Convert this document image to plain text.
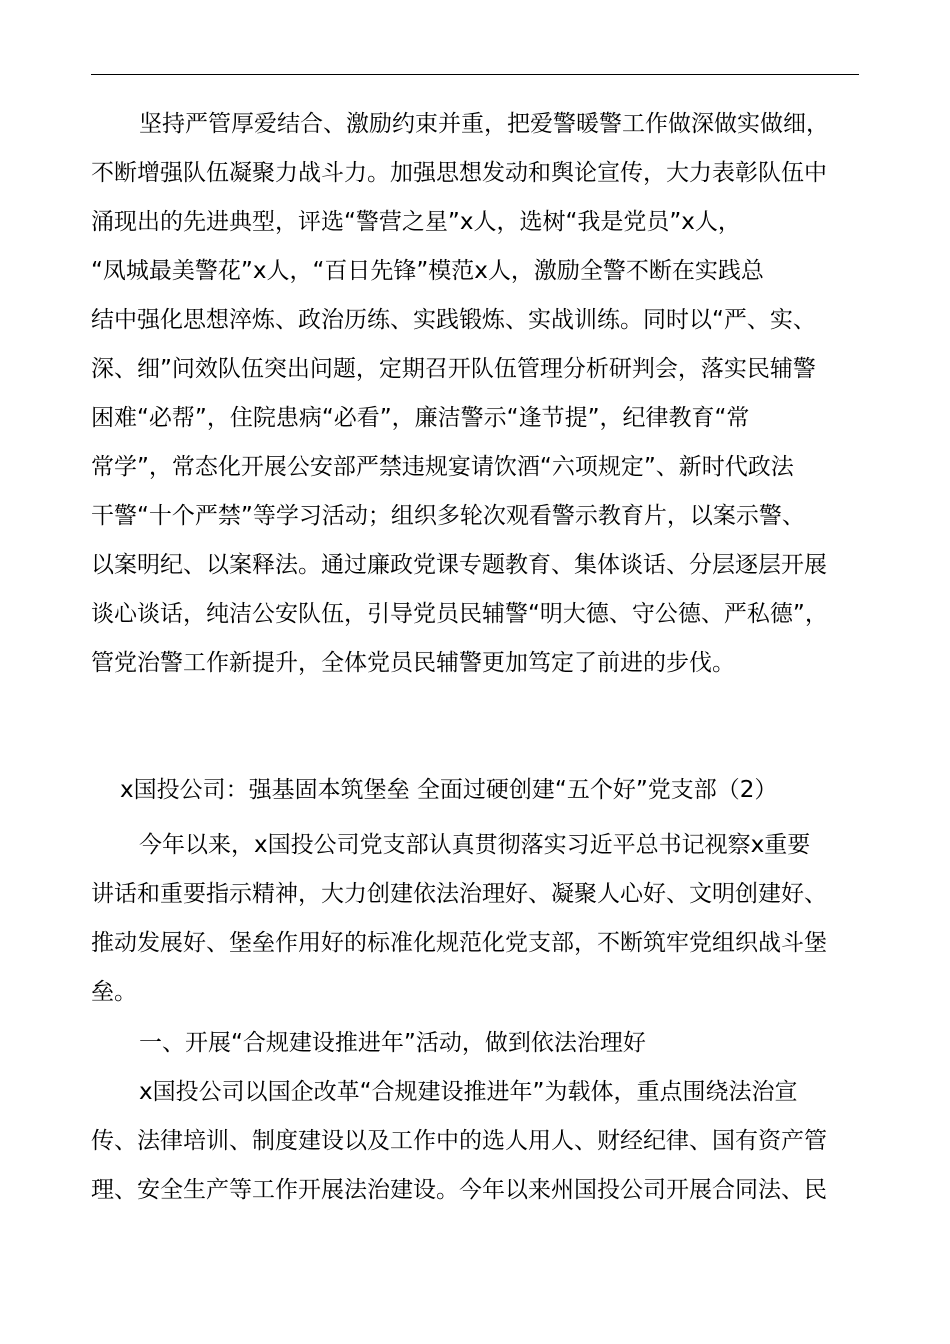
坚持严管厚爱结合、激励约束并重，把爱警暖警工作做深做实做细，
不断增强队伍凝聚力战斗力。加强思想发动和舆论宣传，大力表彰队伍中
涌现出的先进典型，评选“警营之星”x人，选树“我是党员”x人，
“凤城最美警花”x人，“百日先锋”模范x人，激励全警不断在实践总
结中强化思想淬炼、政治历练、实践锻炼、实战训练。同时以“严、实、
深、细”问效队伍突出问题，定期召开队伍管理分析研判会，落实民辅警
困难“必帮”，住院患病“必看”，廉洁警示“逢节提”，纪律教育“常
常学”，常态化开展公安部严禁违规宴请饮酒“六项规定”、新时代政法
干警“十个严禁”等学习活动；组织多轮次观看警示教育片，以案示警、
以案明纪、以案释法。通过廉政党课专题教育、集体谈话、分层逐层开展
谈心谈话，纯洁公安队伍，引导党员民辅警“明大德、守公德、严私德”，
管党治警工作新提升，全体党员民辅警更加笃定了前进的步伐。
x国投公司：强基固本筑堡垒 全面过硬创建“五个好”党支部（2）
今年以来，x国投公司党支部认真贯彻落实习近平总书记视察x重要
讲话和重要指示精神，大力创建依法治理好、凝聚人心好、文明创建好、
推动发展好、堡垒作用好的标准化规范化党支部，不断筑牢党组织战斗堡
垒。
一、开展“合规建设推进年”活动，做到依法治理好
x国投公司以国企改革“合规建设推进年”为载体，重点围绕法治宣
传、法律培训、制度建设以及工作中的选人用人、财经纪律、国有资产管
理、安全生产等工作开展法治建设。今年以来州国投公司开展合同法、民
